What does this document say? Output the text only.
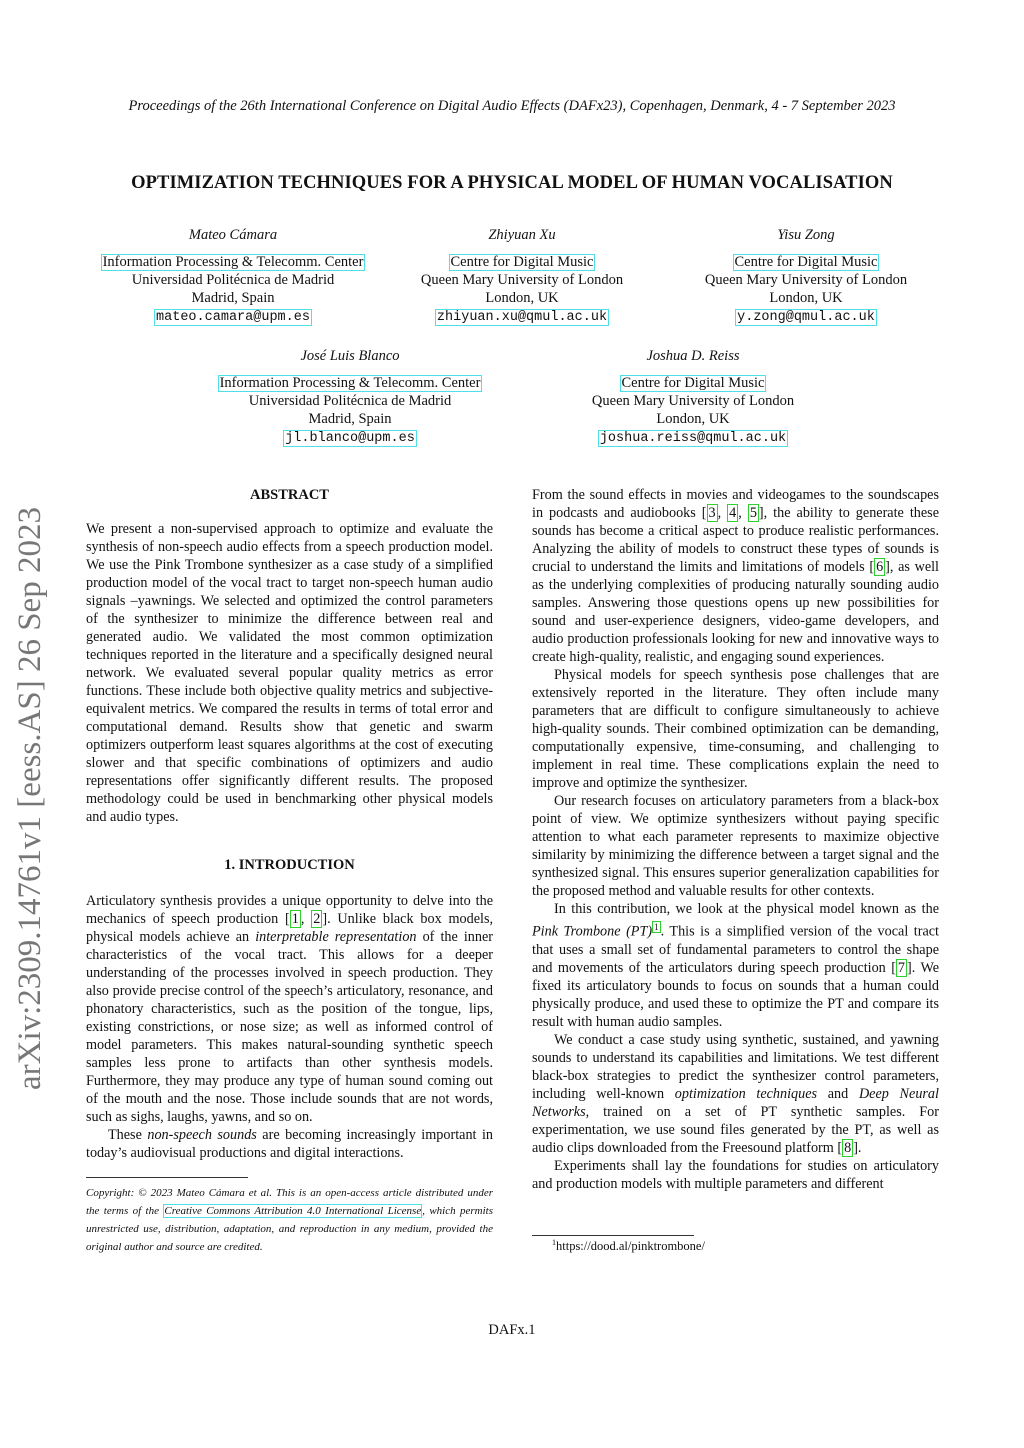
Proceedings of the 26th International Conference on Digital Audio Effects (DAFx23), Copenhagen, Denmark, 4 - 7 September 2023
OPTIMIZATION TECHNIQUES FOR A PHYSICAL MODEL OF HUMAN VOCALISATION
Mateo Cámara
Information Processing & Telecomm. Center
Universidad Politécnica de Madrid
Madrid, Spain
mateo.camara@upm.es
Zhiyuan Xu
Centre for Digital Music
Queen Mary University of London
London, UK
zhiyuan.xu@qmul.ac.uk
Yisu Zong
Centre for Digital Music
Queen Mary University of London
London, UK
y.zong@qmul.ac.uk
José Luis Blanco
Information Processing & Telecomm. Center
Universidad Politécnica de Madrid
Madrid, Spain
jl.blanco@upm.es
Joshua D. Reiss
Centre for Digital Music
Queen Mary University of London
London, UK
joshua.reiss@qmul.ac.uk
arXiv:2309.14761v1 [eess.AS] 26 Sep 2023
ABSTRACT

We present a non-supervised approach to optimize and evaluate the synthesis of non-speech audio effects from a speech production model. We use the Pink Trombone synthesizer as a case study of a simplified production model of the vocal tract to target non-speech human audio signals –yawnings. We selected and optimized the control parameters of the synthesizer to minimize the difference between real and generated audio. We validated the most common optimization techniques reported in the literature and a specifically designed neural network. We evaluated several popular quality metrics as error functions. These include both objective quality metrics and subjective-equivalent metrics. We compared the results in terms of total error and computational demand. Results show that genetic and swarm optimizers outperform least squares algorithms at the cost of executing slower and that specific combinations of optimizers and audio representations offer significantly different results. The proposed methodology could be used in benchmarking other physical models and audio types.

1. INTRODUCTION

Articulatory synthesis provides a unique opportunity to delve into the mechanics of speech production [ 1 , 2 ]. Unlike black box models, physical models achieve an interpretable representation of the inner characteristics of the vocal tract. This allows for a deeper understanding of the processes involved in speech production. They also provide precise control of the speech’s articulatory, resonance, and phonatory characteristics, such as the position of the tongue, lips, existing constrictions, or nose size; as well as informed control of model parameters. This makes natural-sounding synthetic speech samples less prone to artifacts than other synthesis models. Furthermore, they may produce any type of human sound coming out of the mouth and the nose. Those include sounds that are not words, such as sighs, laughs, yawns, and so on.

These non-speech sounds are becoming increasingly important in today’s audiovisual productions and digital interactions.

Copyright: © 2023 Mateo Cámara et al. This is an open-access article distributed under the terms of the Creative Commons Attribution 4.0 International License, which permits unrestricted use, distribution, adaptation, and reproduction in any medium, provided the original author and source are credited.

From the sound effects in movies and videogames to the soundscapes in podcasts and audiobooks [ 3 , 4 , 5 ], the ability to generate these sounds has become a critical aspect to produce realistic performances. Analyzing the ability of models to construct these types of sounds is crucial to understand the limits and limitations of models [ 6 ], as well as the underlying complexities of producing naturally sounding audio samples. Answering those questions opens up new possibilities for sound and user-experience designers, video-game developers, and audio production professionals looking for new and innovative ways to create high-quality, realistic, and engaging sound experiences.

Physical models for speech synthesis pose challenges that are extensively reported in the literature. They often include many parameters that are difficult to configure simultaneously to achieve high-quality sounds. Their combined optimization can be demanding, computationally expensive, time-consuming, and challenging to implement in real time. These complications explain the need to improve and optimize the synthesizer.

Our research focuses on articulatory parameters from a black-box point of view. We optimize synthesizers without paying specific attention to what each parameter represents to maximize objective similarity by minimizing the difference between a target signal and the synthesized signal. This ensures superior generalization capabilities for the proposed method and valuable results for other contexts.

In this contribution, we look at the physical model known as the Pink Trombone (PT) $^1$ . This is a simplified version of the vocal tract that uses a small set of fundamental parameters to control the shape and movements of the articulators during speech production [ 7 ]. We fixed its articulatory bounds to focus on sounds that a human could physically produce, and used these to optimize the PT and compare its result with human audio samples.

We conduct a case study using synthetic, sustained, and yawning sounds to understand its capabilities and limitations. We test different black-box strategies to predict the synthesizer control parameters, including well-known optimization techniques and Deep Neural Networks, trained on a set of PT synthetic samples. For experimentation, we use sound files generated by the PT, as well as audio clips downloaded from the Freesound platform [ 8 ].

Experiments shall lay the foundations for studies on articulatory and production models with multiple parameters and different

$^1$https://dood.al/pinktrombone/
DAFx.1
